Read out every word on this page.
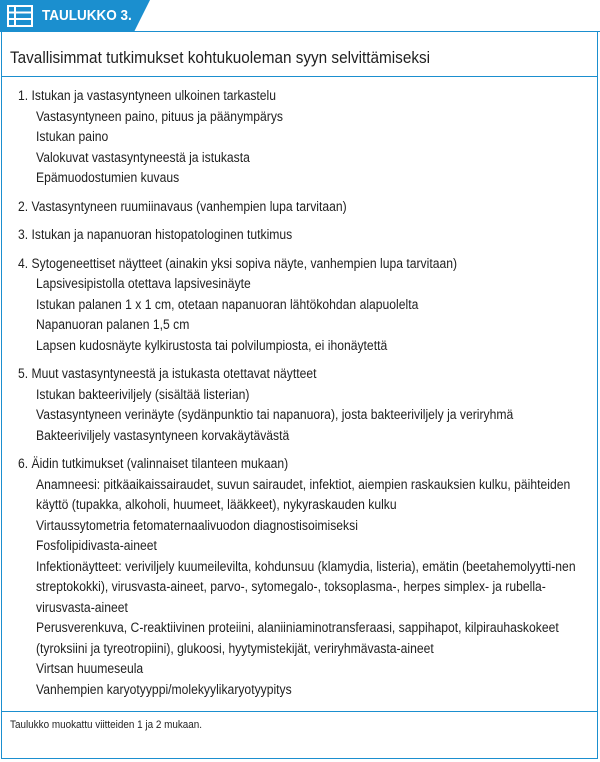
TAULUKKO 3.
Tavallisimmat tutkimukset kohtukuoleman syyn selvittämiseksi
1. Istukan ja vastasyntyneen ulkoinen tarkastelu
Vastasyntyneen paino, pituus ja päänympärys
Istukan paino
Valokuvat vastasyntyneestä ja istukasta
Epämuodostumien kuvaus
2. Vastasyntyneen ruumiinavaus (vanhempien lupa tarvitaan)
3. Istukan ja napanuoran histopatologinen tutkimus
4. Sytogeneettiset näytteet (ainakin yksi sopiva näyte, vanhempien lupa tarvitaan)
Lapsivesipistolla otettava lapsivesinäyte
Istukan palanen 1 x 1 cm, otetaan napanuoran lähtökohdan alapuolelta
Napanuoran palanen 1,5 cm
Lapsen kudosnäyte kylkirustosta tai polvilumpiosta, ei ihonäytettä
5. Muut vastasyntyneestä ja istukasta otettavat näytteet
Istukan bakteeriviljely (sisältää listerian)
Vastasyntyneen verinäyte (sydänpunktio tai napanuora), josta bakteeriviljely ja veriryhmä
Bakteeriviljely vastasyntyneen korvakäytävästä
6. Äidin tutkimukset (valinnaiset tilanteen mukaan)
Anamneesi: pitkäaikaissairaudet, suvun sairaudet, infektiot, aiempien raskauksien kulku, päihteiden käyttö (tupakka, alkoholi, huumeet, lääkkeet), nykyraskauden kulku
Virtaussytometria fetomaternaalivuodon diagnostisoimiseksi
Fosfolipidivasta-aineet
Infektionäytteet: veriviljely kuumeilevilta, kohdunsuu (klamydia, listeria), emätin (beetahemolyytti-nen streptokokki), virusvasta-aineet, parvo-, sytomegalo-, toksoplasma-, herpes simplex- ja rubella-virusvasta-aineet
Perusverenkuva, C-reaktiivinen proteiini, alaniiniaminotransferaasi, sappihapot, kilpirauhaskokeet (tyroksiini ja tyreotropiini), glukoosi, hyytymistekijät, veriryhmävasta-aineet
Virtsan huumeseula
Vanhempien karyotyyppi/molekyylikaryotyypitys
Taulukko muokattu viitteiden 1 ja 2 mukaan.
